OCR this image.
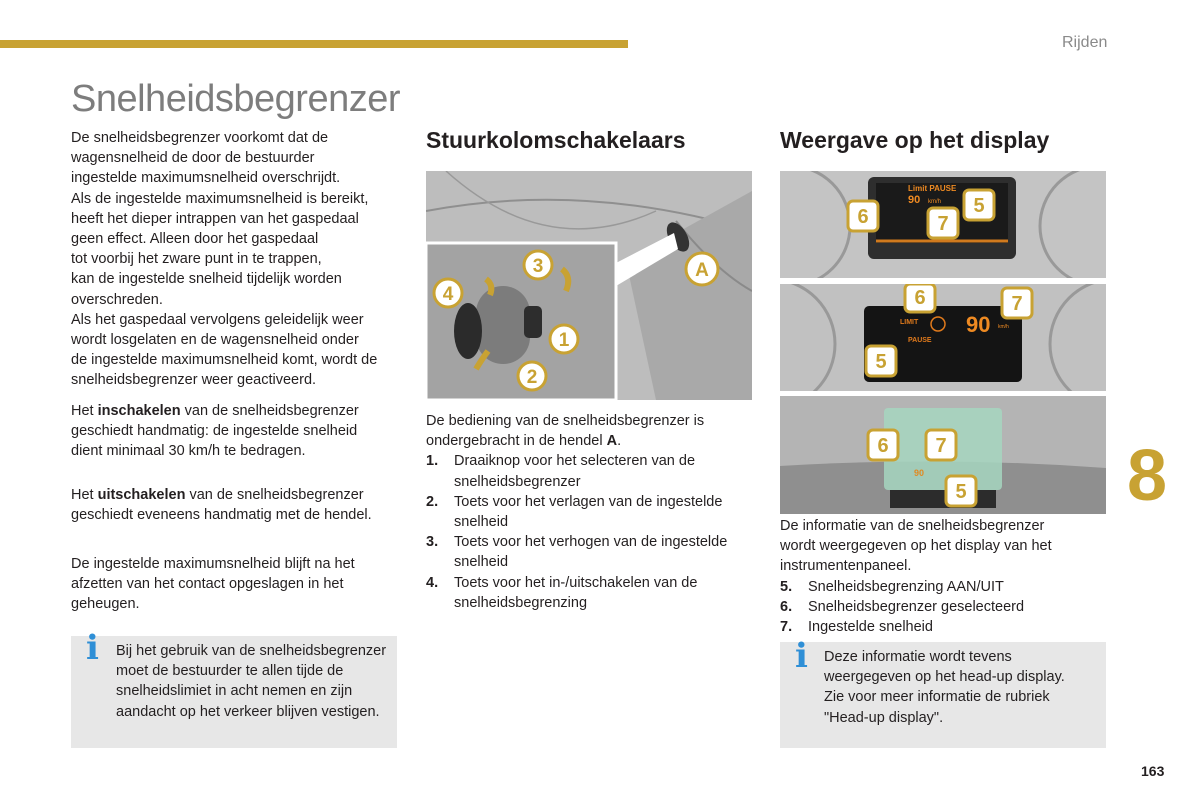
Rijden
Snelheidsbegrenzer
8
163

De snelheidsbegrenzer voorkomt dat de

wagensnelheid de door de bestuurder

ingestelde maximumsnelheid overschrijdt.

Als de ingestelde maximumsnelheid is bereikt,

heeft het dieper intrappen van het gaspedaal

geen effect. Alleen door het gaspedaal

tot voorbij het zware punt in te trappen,

kan de ingestelde snelheid tijdelijk worden

overschreden.

Als het gaspedaal vervolgens geleidelijk weer

wordt losgelaten en de wagensnelheid onder

de ingestelde maximumsnelheid komt, wordt de

snelheidsbegrenzer weer geactiveerd.

Het inschakelen van de snelheidsbegrenzer

geschiedt handmatig: de ingestelde snelheid

dient minimaal 30 km/h te bedragen.

Het uitschakelen van de snelheidsbegrenzer

geschiedt eveneens handmatig met de hendel.

De ingestelde maximumsnelheid blijft na het

afzetten van het contact opgeslagen in het

geheugen.

i Bij het gebruik van de snelheidsbegrenzer

moet de bestuurder te allen tijde de

snelheidslimiet in acht nemen en zijn

aandacht op het verkeer blijven vestigen.

Stuurkolomschakelaars
A
1
2
3
4

De bediening van de snelheidsbegrenzer is

ondergebracht in de hendel A.

1. Draaiknop voor het selecteren van de
snelheidsbegrenzer
2. Toets voor het verlagen van de ingestelde
snelheid
3. Toets voor het verhogen van de ingestelde
snelheid
4. Toets voor het in-/uitschakelen van de
snelheidsbegrenzing
Weergave op het display
Limit PAUSE
90 km/h
6	7
5
LIMIT 90 km/h
PAUSE
6	7
5
90
6 7
5

De informatie van de snelheidsbegrenzer

wordt weergegeven op het display van het

instrumentenpaneel.

5. Snelheidsbegrenzing AAN/UIT
6. Snelheidsbegrenzer geselecteerd
7. Ingestelde snelheid
i Deze informatie wordt tevens

weergegeven op het head-up display.

Zie voor meer informatie de rubriek

"Head-up display".
